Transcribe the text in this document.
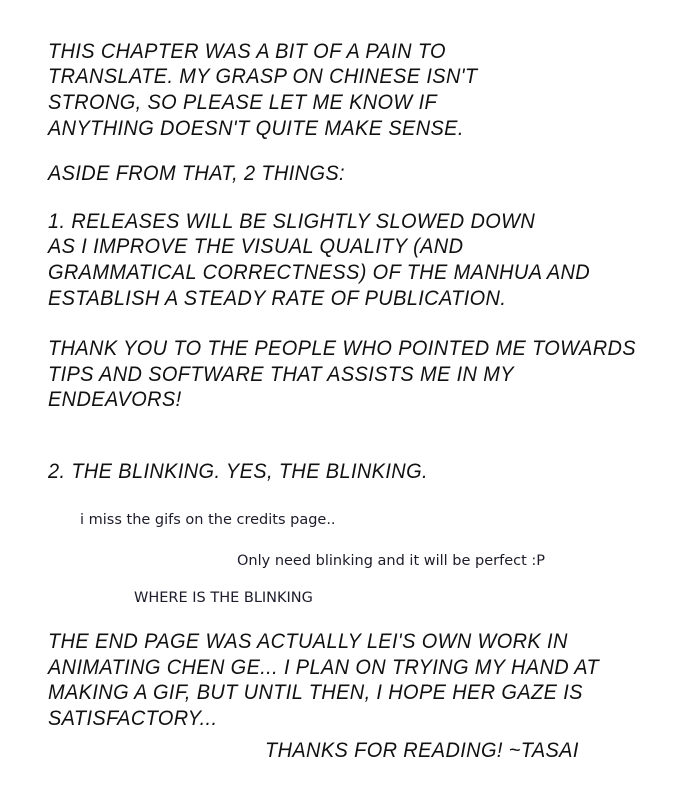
THIS CHAPTER WAS A BIT OF A PAIN TO
TRANSLATE. MY GRASP ON CHINESE ISN'T
STRONG, SO PLEASE LET ME KNOW IF
ANYTHING DOESN'T QUITE MAKE SENSE.
ASIDE FROM THAT, 2 THINGS:
1. RELEASES WILL BE SLIGHTLY SLOWED DOWN
AS I IMPROVE THE VISUAL QUALITY (AND
GRAMMATICAL CORRECTNESS) OF THE MANHUA AND
ESTABLISH A STEADY RATE OF PUBLICATION.
THANK YOU TO THE PEOPLE WHO POINTED ME TOWARDS
TIPS AND SOFTWARE THAT ASSISTS ME IN MY
ENDEAVORS!
2. THE BLINKING. YES, THE BLINKING.
i miss the gifs on the credits page..
Only need blinking and it will be perfect :P
WHERE IS THE BLINKING
THE END PAGE WAS ACTUALLY LEI'S OWN WORK IN
ANIMATING CHEN GE... I PLAN ON TRYING MY HAND AT
MAKING A GIF, BUT UNTIL THEN, I HOPE HER GAZE IS
SATISFACTORY...
THANKS FOR READING! ~TASAI
